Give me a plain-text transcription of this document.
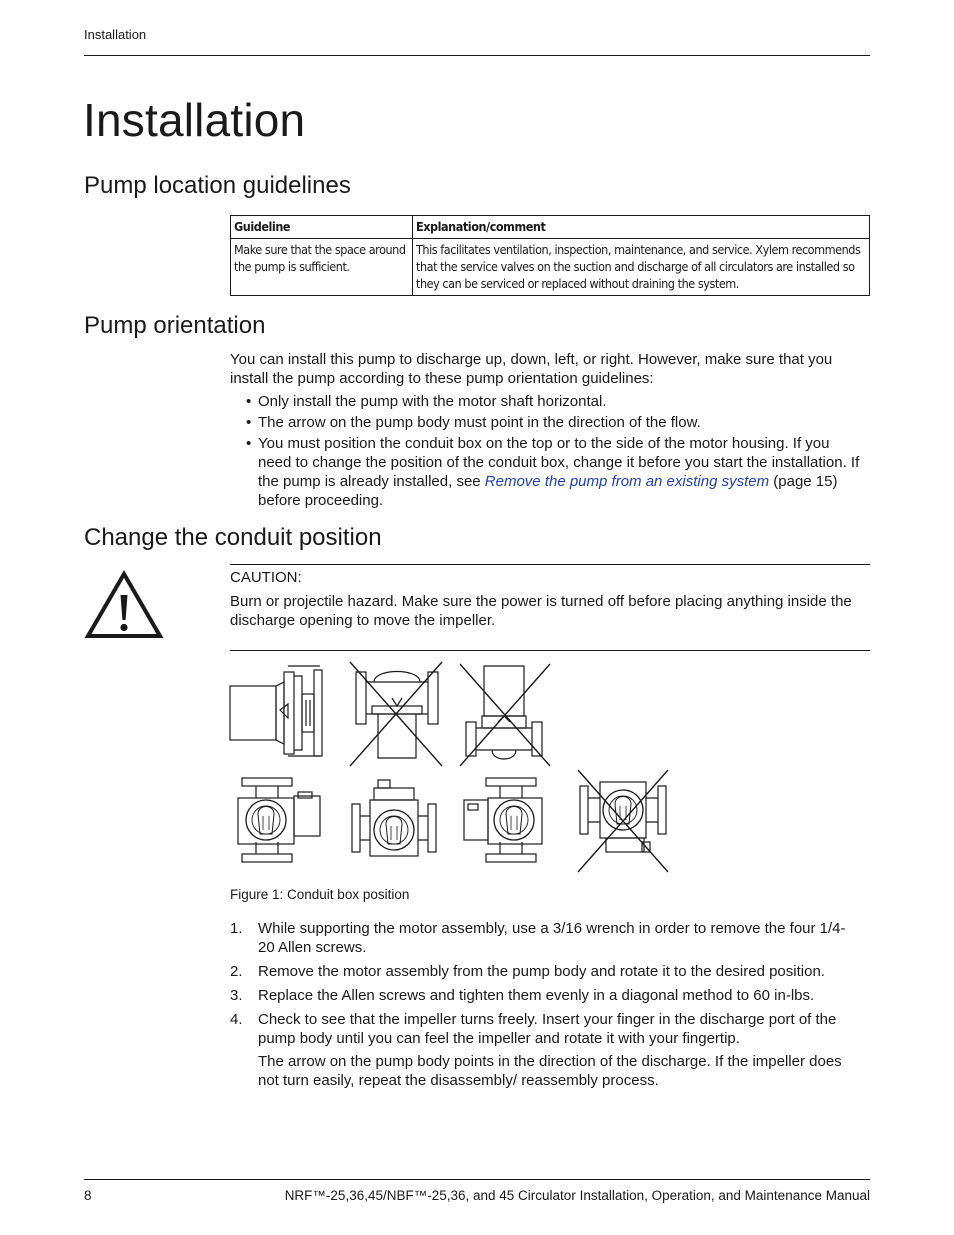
Installation
Installation
Pump location guidelines
Guideline	Explanation/comment
Make sure that the space around the pump is sufficient.	This facilitates ventilation, inspection, maintenance, and service. Xylem recommends that the service valves on the suction and discharge of all circulators are installed so they can be serviced or replaced without draining the system.
Pump orientation
You can install this pump to discharge up, down, left, or right. However, make sure that you install the pump according to these pump orientation guidelines:
• Only install the pump with the motor shaft horizontal.
• The arrow on the pump body must point in the direction of the flow.
• You must position the conduit box on the top or to the side of the motor housing. If you need to change the position of the conduit box, change it before you start the installation. If the pump is already installed, see Remove the pump from an existing system (page 15) before proceeding.
Change the conduit position
CAUTION:
Burn or projectile hazard. Make sure the power is turned off before placing anything inside the discharge opening to move the impeller.
Figure 1: Conduit box position
1. While supporting the motor assembly, use a 3/16 wrench in order to remove the four 1/4-20 Allen screws.
2. Remove the motor assembly from the pump body and rotate it to the desired position.
3. Replace the Allen screws and tighten them evenly in a diagonal method to 60 in-lbs.
4. Check to see that the impeller turns freely. Insert your finger in the discharge port of the pump body until you can feel the impeller and rotate it with your fingertip.
The arrow on the pump body points in the direction of the discharge. If the impeller does not turn easily, repeat the disassembly/ reassembly process.
8	NRF™-25,36,45/NBF™-25,36, and 45 Circulator Installation, Operation, and Maintenance Manual
